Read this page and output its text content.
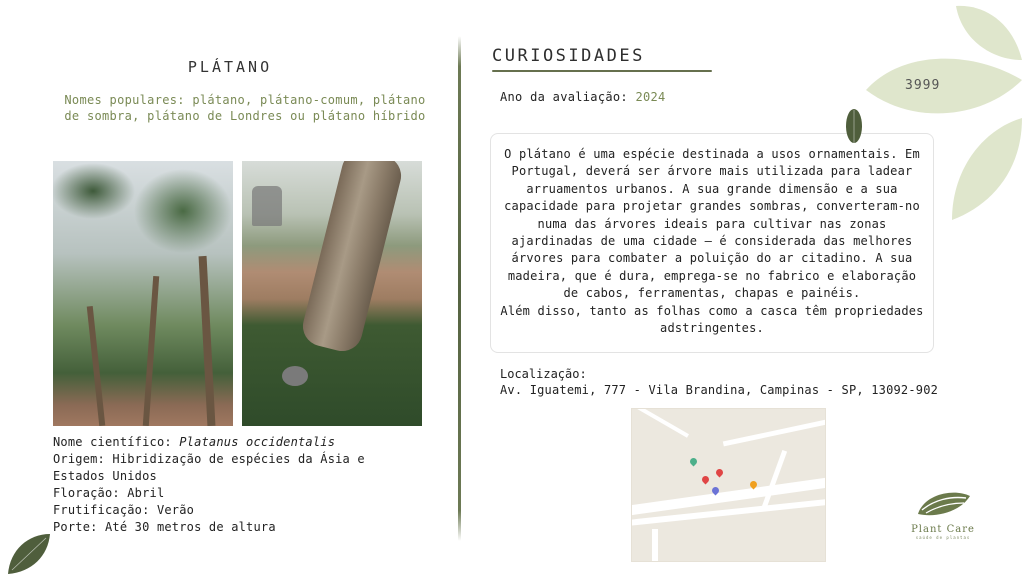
PLÁTANO
Nomes populares: plátano, plátano-comum, plátano de sombra, plátano de Londres ou plátano híbrido
Nome científico: Platanus occidentalis
Origem: Hibridização de espécies da Ásia e Estados Unidos
Floração: Abril
Frutificação: Verão
Porte: Até 30 metros de altura
CURIOSIDADES
Ano da avaliação: 2024

O plátano é uma espécie destinada a usos ornamentais. Em Portugal, deverá ser árvore mais utilizada para ladear arruamentos urbanos. A sua grande dimensão e a sua capacidade para projetar grandes sombras, converteram-no numa das árvores ideais para cultivar nas zonas ajardinadas de uma cidade – é considerada das melhores árvores para combater a poluição do ar citadino. A sua madeira, que é dura, emprega-se no fabrico e elaboração de cabos, ferramentas, chapas e painéis.

Além disso, tanto as folhas como a casca têm propriedades adstringentes.

Localização:
Av. Iguatemi, 777 - Vila Brandina, Campinas - SP, 13092-902
3999
Plant Care
saúde de plantas
